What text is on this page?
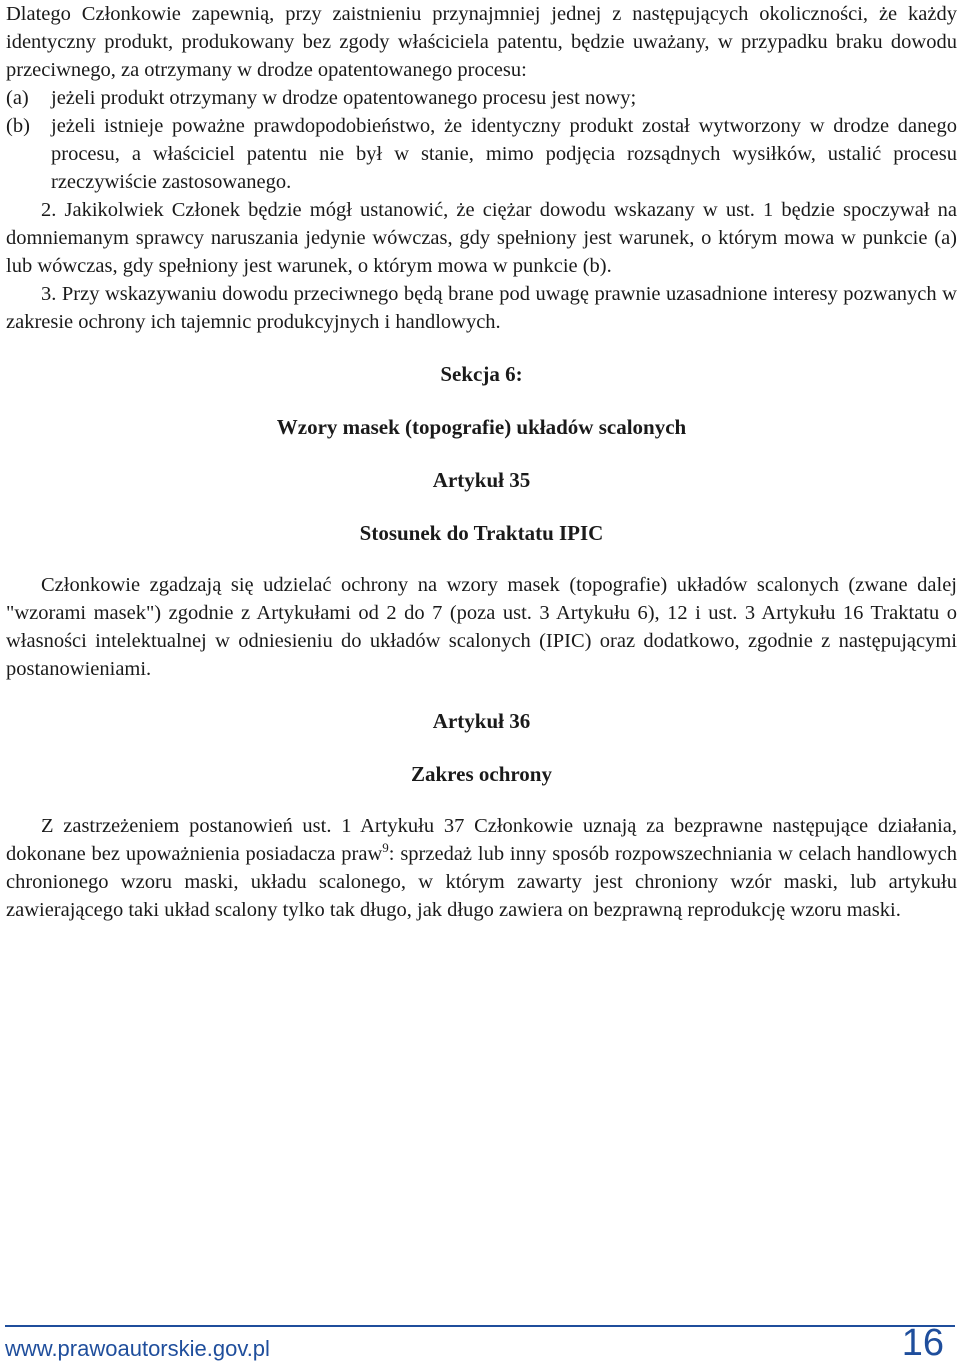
Dlatego Członkowie zapewnią, przy zaistnieniu przynajmniej jednej z następujących okoliczności, że każdy identyczny produkt, produkowany bez zgody właściciela patentu, będzie uważany, w przypadku braku dowodu przeciwnego, za otrzymany w drodze opatentowanego procesu:

(a) jeżeli produkt otrzymany w drodze opatentowanego procesu jest nowy;

(b) jeżeli istnieje poważne prawdopodobieństwo, że identyczny produkt został wytworzony w drodze danego procesu, a właściciel patentu nie był w stanie, mimo podjęcia rozsądnych wysiłków, ustalić procesu rzeczywiście zastosowanego.

2. Jakikolwiek Członek będzie mógł ustanowić, że ciężar dowodu wskazany w ust. 1 będzie spoczywał na domniemanym sprawcy naruszania jedynie wówczas, gdy spełniony jest warunek, o którym mowa w punkcie (a) lub wówczas, gdy spełniony jest warunek, o którym mowa w punkcie (b).

3. Przy wskazywaniu dowodu przeciwnego będą brane pod uwagę prawnie uzasadnione interesy pozwanych w zakresie ochrony ich tajemnic produkcyjnych i handlowych.

Sekcja 6:

Wzory masek (topografie) układów scalonych

Artykuł 35

Stosunek do Traktatu IPIC

Członkowie zgadzają się udzielać ochrony na wzory masek (topografie) układów scalonych (zwane dalej "wzorami masek") zgodnie z Artykułami od 2 do 7 (poza ust. 3 Artykułu 6), 12 i ust. 3 Artykułu 16 Traktatu o własności intelektualnej w odniesieniu do układów scalonych (IPIC) oraz dodatkowo, zgodnie z następującymi postanowieniami.

Artykuł 36

Zakres ochrony

Z zastrzeżeniem postanowień ust. 1 Artykułu 37 Członkowie uznają za bezprawne następujące działania, dokonane bez upoważnienia posiadacza praw$^9$: sprzedaż lub inny sposób rozpowszechniania w celach handlowych chronionego wzoru maski, układu scalonego, w którym zawarty jest chroniony wzór maski, lub artykułu zawierającego taki układ scalony tylko tak długo, jak długo zawiera on bezprawną reprodukcję wzoru maski.

www.prawoautorskie.gov.pl	16
